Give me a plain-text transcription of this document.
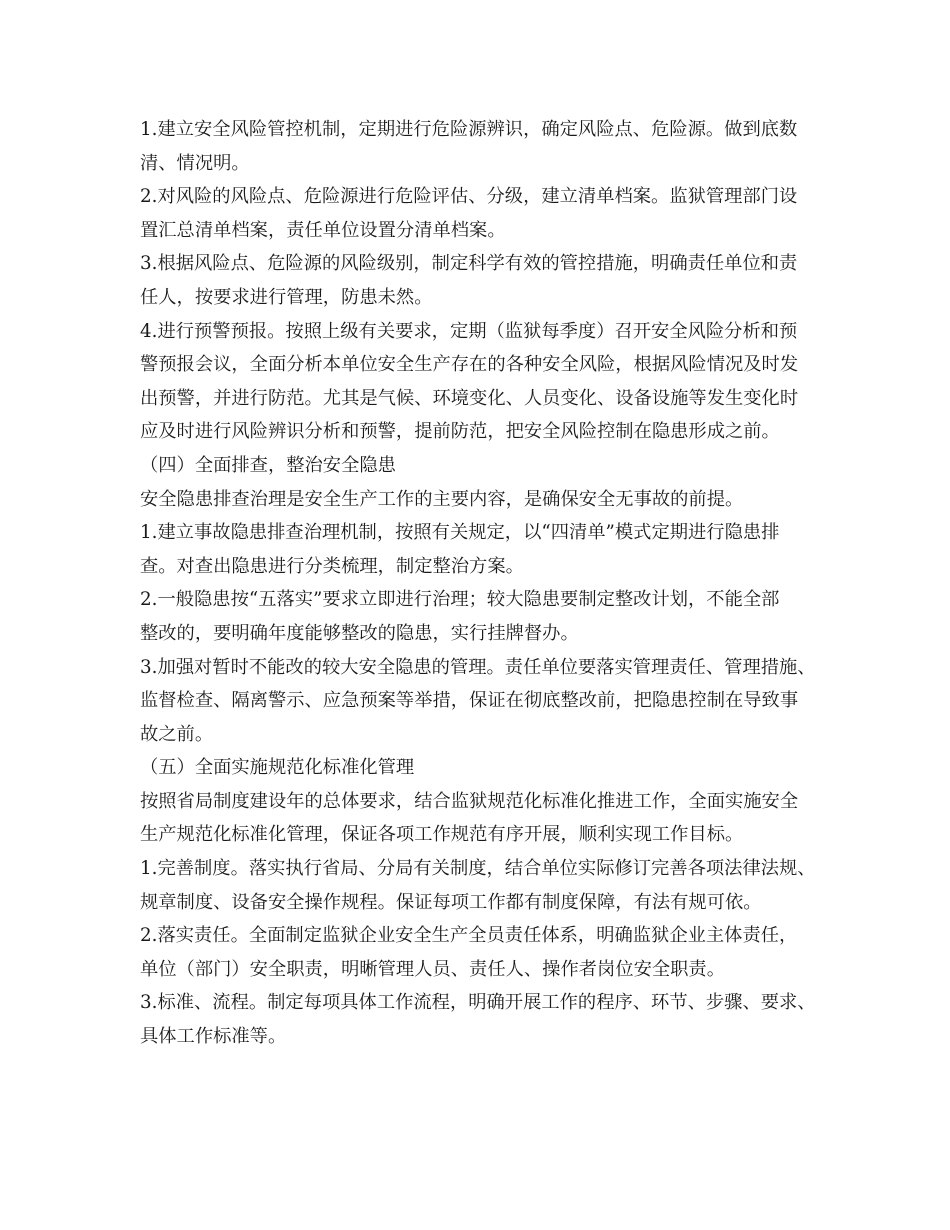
1.建立安全风险管控机制，定期进行危险源辨识，确定风险点、危险源。做到底数
清、情况明。
2.对风险的风险点、危险源进行危险评估、分级，建立清单档案。监狱管理部门设
置汇总清单档案，责任单位设置分清单档案。
3.根据风险点、危险源的风险级别，制定科学有效的管控措施，明确责任单位和责
任人，按要求进行管理，防患未然。
4.进行预警预报。按照上级有关要求，定期（监狱每季度）召开安全风险分析和预
警预报会议，全面分析本单位安全生产存在的各种安全风险，根据风险情况及时发
出预警，并进行防范。尤其是气候、环境变化、人员变化、设备设施等发生变化时
应及时进行风险辨识分析和预警，提前防范，把安全风险控制在隐患形成之前。
（四）全面排查，整治安全隐患
安全隐患排查治理是安全生产工作的主要内容，是确保安全无事故的前提。
1.建立事故隐患排查治理机制，按照有关规定，以“四清单”模式定期进行隐患排
查。对查出隐患进行分类梳理，制定整治方案。
2.一般隐患按“五落实”要求立即进行治理；较大隐患要制定整改计划，不能全部
整改的，要明确年度能够整改的隐患，实行挂牌督办。
3.加强对暂时不能改的较大安全隐患的管理。责任单位要落实管理责任、管理措施、
监督检查、隔离警示、应急预案等举措，保证在彻底整改前，把隐患控制在导致事
故之前。
（五）全面实施规范化标准化管理
按照省局制度建设年的总体要求，结合监狱规范化标准化推进工作，全面实施安全
生产规范化标准化管理，保证各项工作规范有序开展，顺利实现工作目标。
1.完善制度。落实执行省局、分局有关制度，结合单位实际修订完善各项法律法规、
规章制度、设备安全操作规程。保证每项工作都有制度保障，有法有规可依。
2.落实责任。全面制定监狱企业安全生产全员责任体系，明确监狱企业主体责任，
单位（部门）安全职责，明晰管理人员、责任人、操作者岗位安全职责。
3.标准、流程。制定每项具体工作流程，明确开展工作的程序、环节、步骤、要求、
具体工作标准等。
